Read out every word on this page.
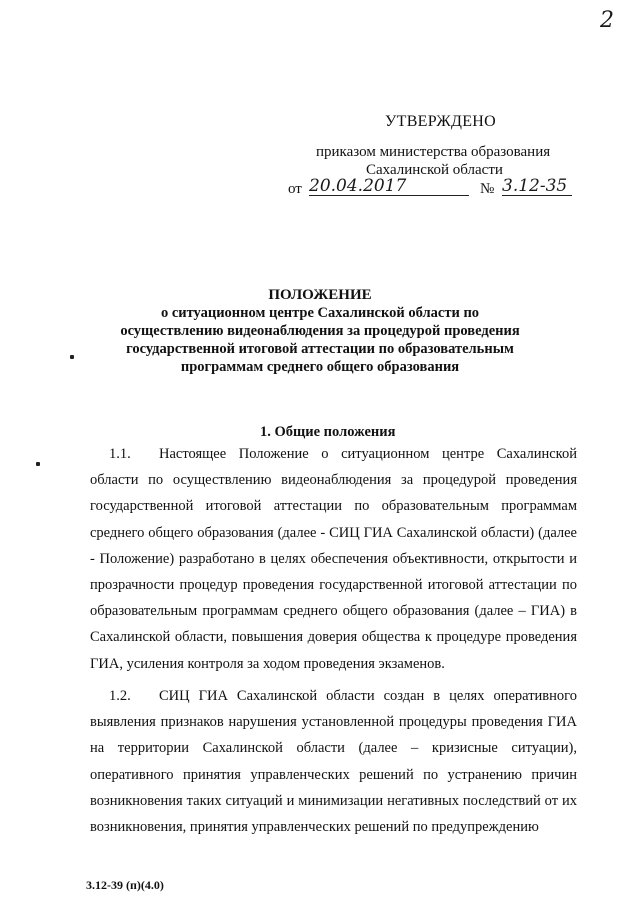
2
УТВЕРЖДЕНО
приказом министерства образования
Сахалинской области
от 20.04.2017	№ 3.12-35
ПОЛОЖЕНИЕ
о ситуационном центре Сахалинской области по
осуществлению видеонаблюдения за процедурой проведения
государственной итоговой аттестации по образовательным
программам среднего общего образования
1. Общие положения
1.1. Настоящее Положение о ситуационном центре Сахалинской области по осуществлению видеонаблюдения за процедурой проведения государственной итоговой аттестации по образовательным программам среднего общего образования (далее - СИЦ ГИА Сахалинской области) (далее - Положение) разработано в целях обеспечения объективности, открытости и прозрачности процедур проведения государственной итоговой аттестации по образовательным программам среднего общего образования (далее – ГИА) в Сахалинской области, повышения доверия общества к процедуре проведения ГИА, усиления контроля за ходом проведения экзаменов.
1.2. СИЦ ГИА Сахалинской области создан в целях оперативного выявления признаков нарушения установленной процедуры проведения ГИА на территории Сахалинской области (далее – кризисные ситуации), оперативного принятия управленческих решений по устранению причин возникновения таких ситуаций и минимизации негативных последствий от их возникновения, принятия управленческих решений по предупреждению
3.12-39 (п)(4.0)
